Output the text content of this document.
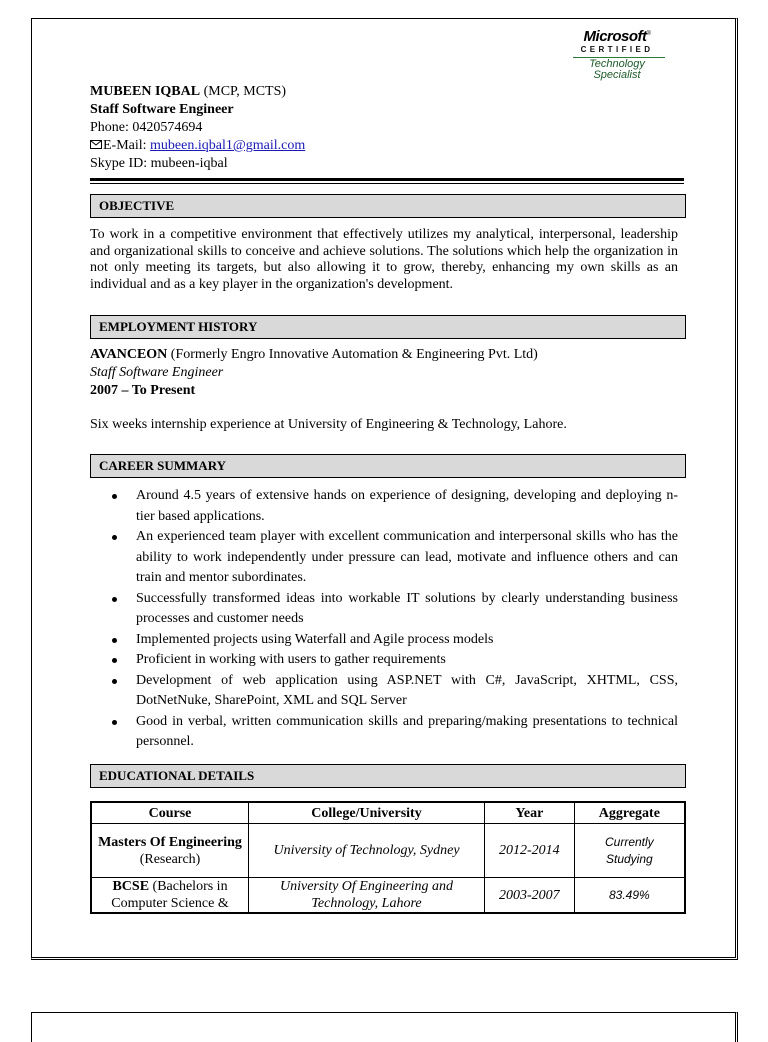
Microsoft®
CERTIFIED
Technology
Specialist
MUBEEN IQBAL (MCP, MCTS)
Staff Software Engineer
Phone: 0420574694
E-Mail: mubeen.iqbal1@gmail.com
Skype ID: mubeen-iqbal
OBJECTIVE
To work in a competitive environment that effectively utilizes my analytical, interpersonal, leadership and organizational skills to conceive and achieve solutions. The solutions which help the organization in not only meeting its targets, but also allowing it to grow, thereby, enhancing my own skills as an individual and as a key player in the organization's development.
EMPLOYMENT HISTORY
AVANCEON (Formerly Engro Innovative Automation & Engineering Pvt. Ltd)
Staff Software Engineer
2007 – To Present
Six weeks internship experience at University of Engineering & Technology, Lahore.
CAREER SUMMARY
Around 4.5 years of extensive hands on experience of designing, developing and deploying n-tier based applications.
An experienced team player with excellent communication and interpersonal skills who has the ability to work independently under pressure can lead, motivate and influence others and can train and mentor subordinates.
Successfully transformed ideas into workable IT solutions by clearly understanding business processes and customer needs
Implemented projects using Waterfall and Agile process models
Proficient in working with users to gather requirements
Development of web application using ASP.NET with C#, JavaScript, XHTML, CSS, DotNetNuke, SharePoint, XML and SQL Server
Good in verbal, written communication skills and preparing/making presentations to technical personnel.
EDUCATIONAL DETAILS
Course	College/University	Year	Aggregate
Masters Of Engineering
(Research)	University of Technology, Sydney	2012-2014	Currently Studying
BCSE (Bachelors in Computer Science &	University Of Engineering and Technology, Lahore	2003-2007	83.49%
